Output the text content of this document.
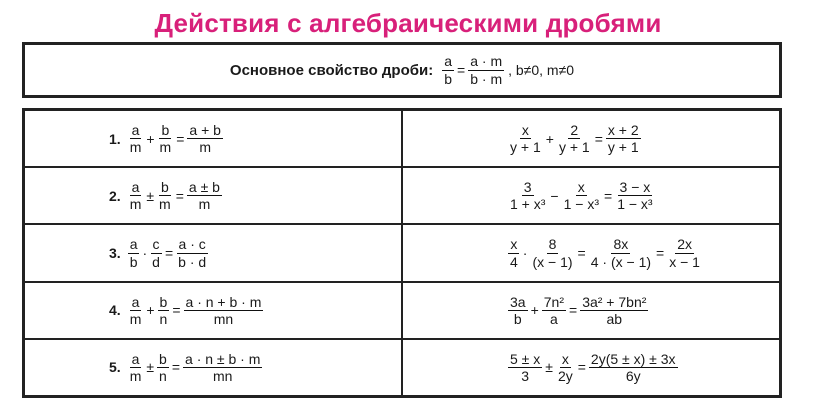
Действия с алгебраическими дробями
Основное свойство дроби: $\frac{a}{b} = \frac{a \cdot m}{b \cdot m}$ , b≠0, m≠0
1. $\frac{a}{m} + \frac{b}{m} = \frac{a + b}{m}$
2. $\frac{a}{m} \pm \frac{b}{m} = \frac{a \pm b}{m}$
3. $\frac{a}{b} \cdot \frac{c}{d} = \frac{a \cdot c}{b \cdot d}$
4. $\frac{a}{m} + \frac{b}{n} = \frac{a \cdot n + b \cdot m}{mn}$
5. $\frac{a}{m} \pm \frac{b}{n} = \frac{a \cdot n \pm b \cdot m}{mn}$
$\frac{x}{y + 1} + \frac{2}{y + 1} = \frac{x + 2}{y + 1}$
$\frac{3}{\text{1 + x³}} - \frac{x}{\text{1 − x³}} = \frac{3 - x}{\text{1 − x³}}$
$\frac{x}{4} \cdot \frac{8}{(x - 1)} = \frac{8x}{4 \cdot (x - 1)} = \frac{2x}{x - 1}$
$\frac{3a}{b} + \frac{\text{7n²}}{a} = \frac{\text{3a² + 7bn²}}{ab}$
$\frac{5 \pm x}{3} \pm \frac{x}{2y} = \frac{2y(5 \pm x) \pm 3x}{6y}$
